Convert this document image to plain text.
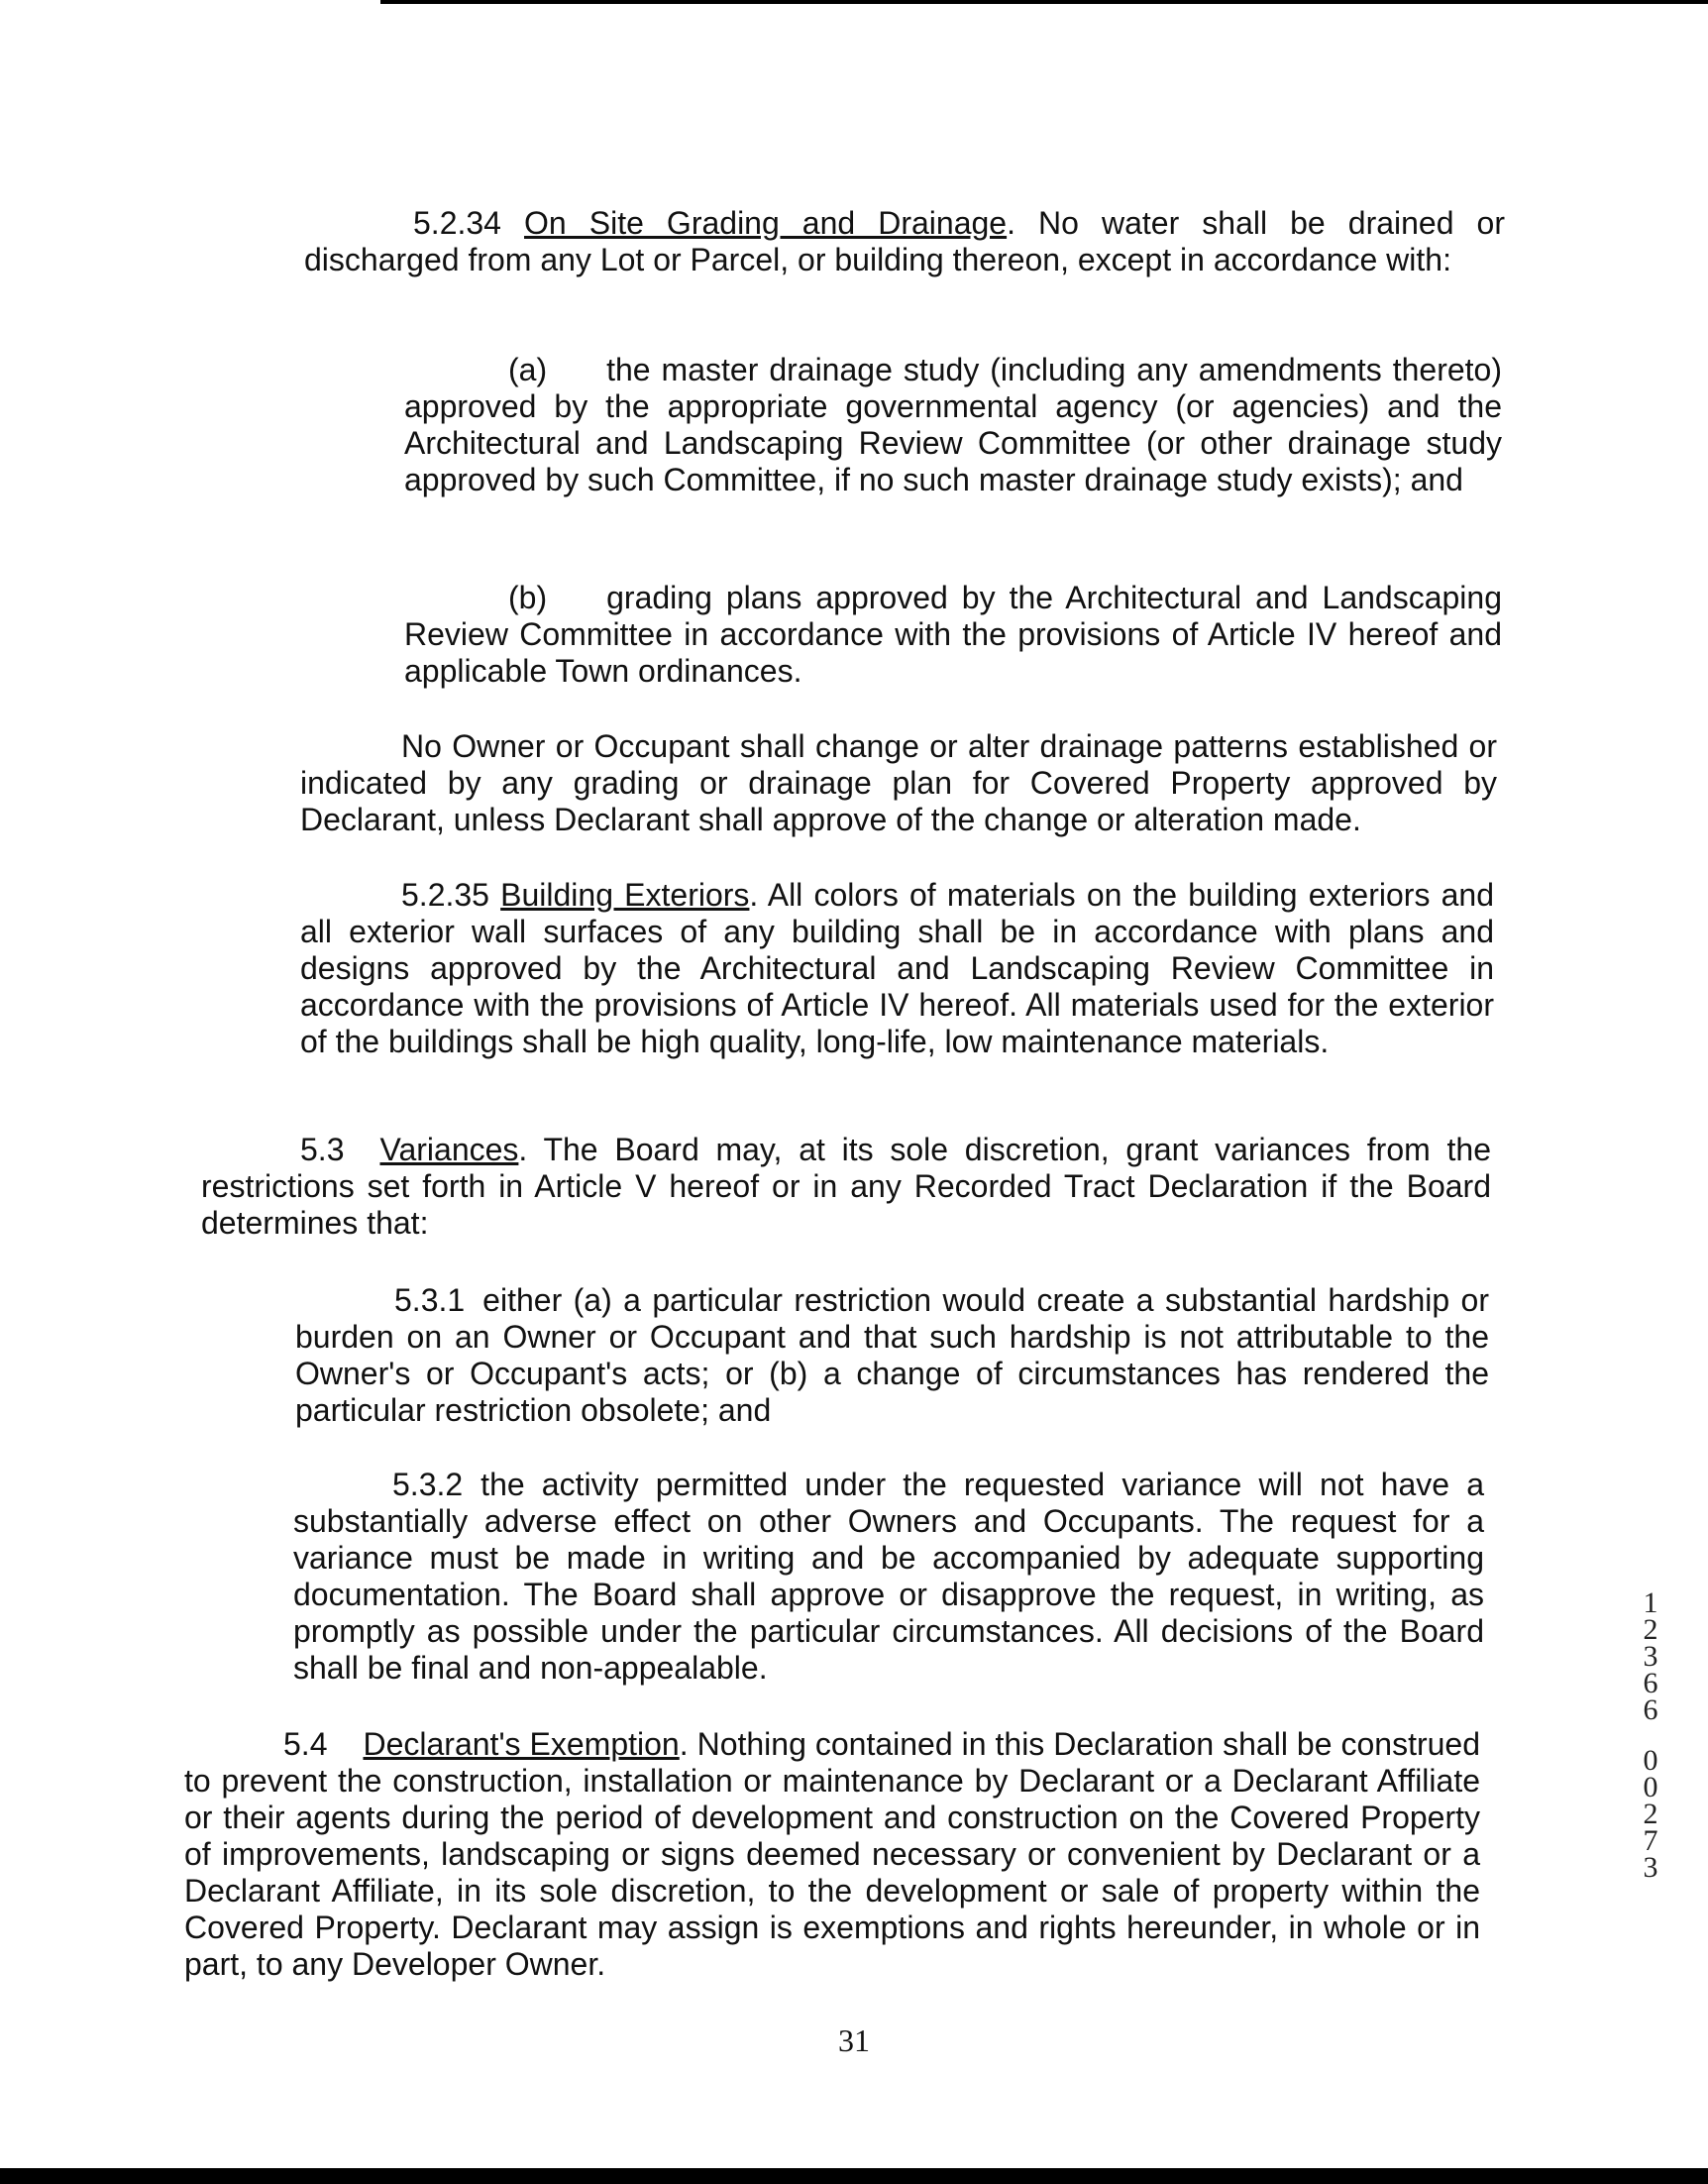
5.2.34 On Site Grading and Drainage. No water shall be drained or discharged from any Lot or Parcel, or building thereon, except in accordance with:

(a) the master drainage study (including any amendments thereto) approved by the appropriate governmental agency (or agencies) and the Architectural and Landscaping Review Committee (or other drainage study approved by such Committee, if no such master drainage study exists); and

(b) grading plans approved by the Architectural and Landscaping Review Committee in accordance with the provisions of Article IV hereof and applicable Town ordinances.

No Owner or Occupant shall change or alter drainage patterns established or indicated by any grading or drainage plan for Covered Property approved by Declarant, unless Declarant shall approve of the change or alteration made.

5.2.35 Building Exteriors. All colors of materials on the building exteriors and all exterior wall surfaces of any building shall be in accordance with plans and designs approved by the Architectural and Landscaping Review Committee in accordance with the provisions of Article IV hereof. All materials used for the exterior of the buildings shall be high quality, long-life, low maintenance materials.

5.3 Variances. The Board may, at its sole discretion, grant variances from the restrictions set forth in Article V hereof or in any Recorded Tract Declaration if the Board determines that:

5.3.1 either (a) a particular restriction would create a substantial hardship or burden on an Owner or Occupant and that such hardship is not attributable to the Owner's or Occupant's acts; or (b) a change of circumstances has rendered the particular restriction obsolete; and

5.3.2 the activity permitted under the requested variance will not have a substantially adverse effect on other Owners and Occupants. The request for a variance must be made in writing and be accompanied by adequate supporting documentation. The Board shall approve or disapprove the request, in writing, as promptly as possible under the particular circumstances. All decisions of the Board shall be final and non-appealable.

5.4 Declarant's Exemption. Nothing contained in this Declaration shall be construed to prevent the construction, installation or maintenance by Declarant or a Declarant Affiliate or their agents during the period of development and construction on the Covered Property of improvements, landscaping or signs deemed necessary or convenient by Declarant or a Declarant Affiliate, in its sole discretion, to the development or sale of property within the Covered Property. Declarant may assign is exemptions and rights hereunder, in whole or in part, to any Developer Owner.

31

1
2
3
6
6
0
0
2
7
3
